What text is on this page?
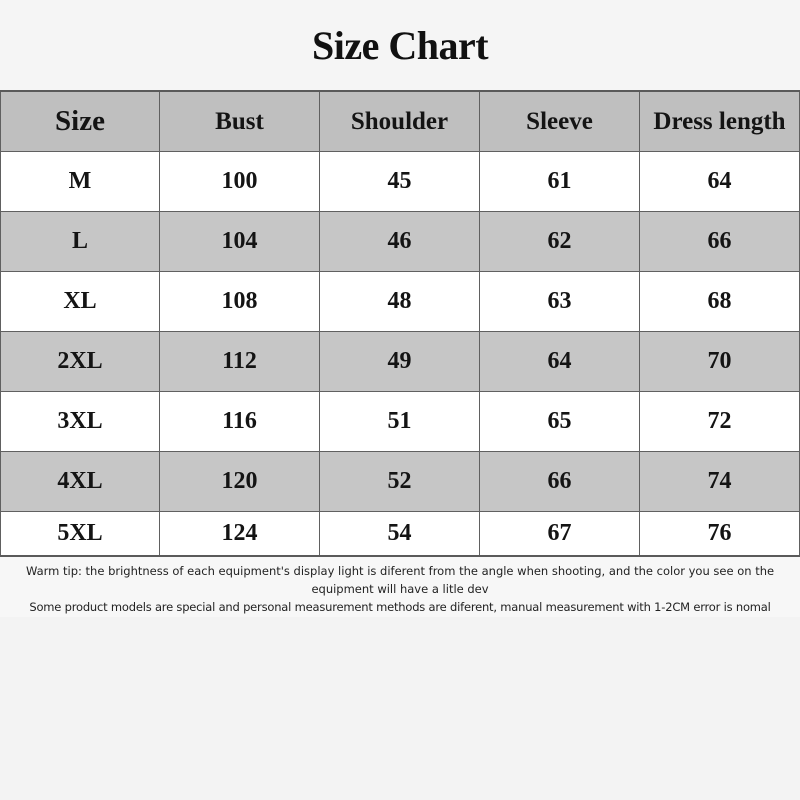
Size Chart
Size	Bust	Shoulder	Sleeve	Dress length
M	100	45	61	64
L	104	46	62	66
XL	108	48	63	68
2XL	112	49	64	70
3XL	116	51	65	72
4XL	120	52	66	74
5XL	124	54	67	76
Warm tip: the brightness of each equipment's display light is diferent from the angle when shooting, and the color you see on the equipment will have a litle dev
Some product models are special and personal measurement methods are diferent, manual measurement with 1-2CM error is nomal
